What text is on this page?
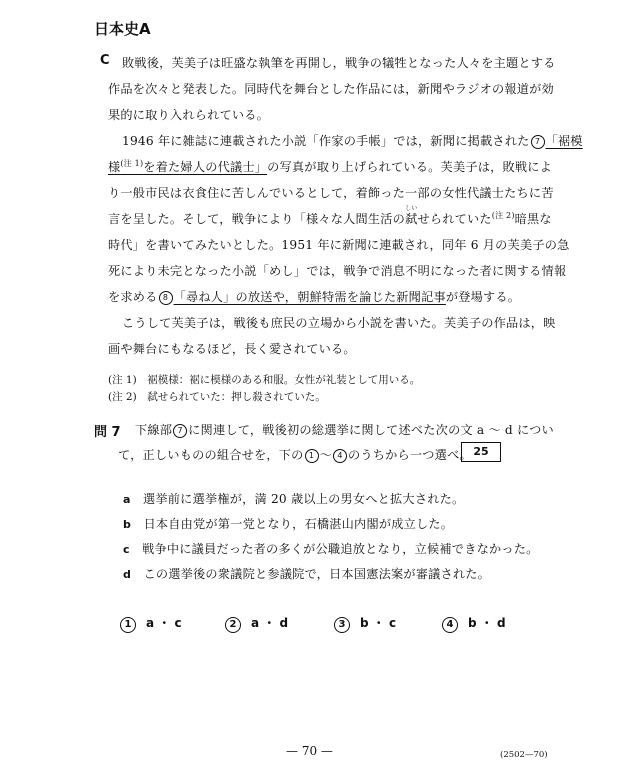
日本史A
C 敗戦後，芙美子は旺盛な執筆を再開し，戦争の犠牲となった人々を主題とする
作品を次々と発表した。同時代を舞台とした作品には，新聞やラジオの報道が効
果的に取り入れられている。
1946 年に雑誌に連載された小説「作家の手帳」では，新聞に掲載された 7 「裾模
様$^{(注 1)}$を着た婦人の代議士」の写真が取り上げられている。芙美子は，敗戦によ
り一般市民は衣食住に苦しんでいるとして，着飾った一部の女性代議士たちに苦
言を呈した。そして，戦争により「様々な人間生活の
しい
弑せられていた$^{(注 2)}$暗黒な
時代」を書いてみたいとした。1951 年に新聞に連載され，同年 6 月の芙美子の急
死により未完となった小説「めし」では，戦争で消息不明になった者に関する情報
を求める 8 「尋ね人」の放送や，朝鮮特需を論じた新聞記事が登場する。
こうして芙美子は，戦後も庶民の立場から小説を書いた。芙美子の作品は，映
画や舞台にもなるほど，長く愛されている。
(注 1)　裾模様：裾に模様のある和服。女性が礼装として用いる。
(注 2)　弑せられていた：押し殺されていた。
問 7 下線部 7 に関連して，戦後初の総選挙に関して述べた次の文 a ～ d につい
て，正しいものの組合せを，下の 1 ～ 4 のうちから一つ選べ。 25
a　 選挙前に選挙権が，満 20 歳以上の男女へと拡大された。
b　 日本自由党が第一党となり，石橋湛山内閣が成立した。
c　 戦争中に議員だった者の多くが公職追放となり，立候補できなかった。
d　 この選挙後の衆議院と参議院で，日本国憲法案が審議された。
1 a ・ c	2 a ・ d	3 b ・ c	4 b ・ d
— 70 —	(2502—70)
